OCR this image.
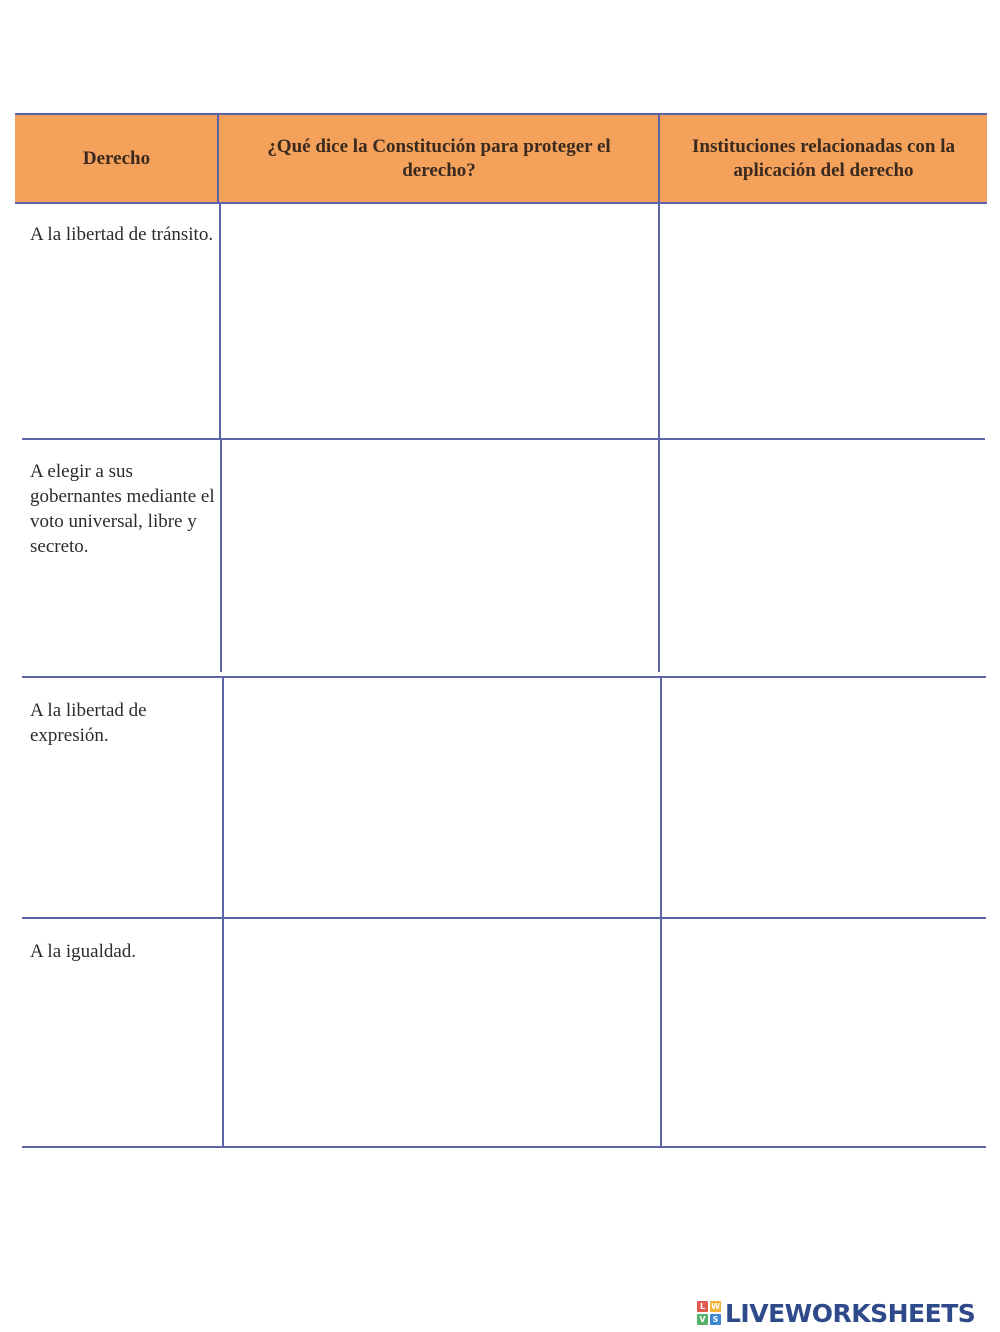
Derecho
¿Qué dice la Constitución para proteger el derecho?
Instituciones relacionadas con la aplicación del derecho
A la libertad de tránsito.
A elegir a sus gobernantes mediante el voto universal, libre y secreto.
A la libertad de expresión.
A la igualdad.
L W
V S LIVEWORKSHEETS
